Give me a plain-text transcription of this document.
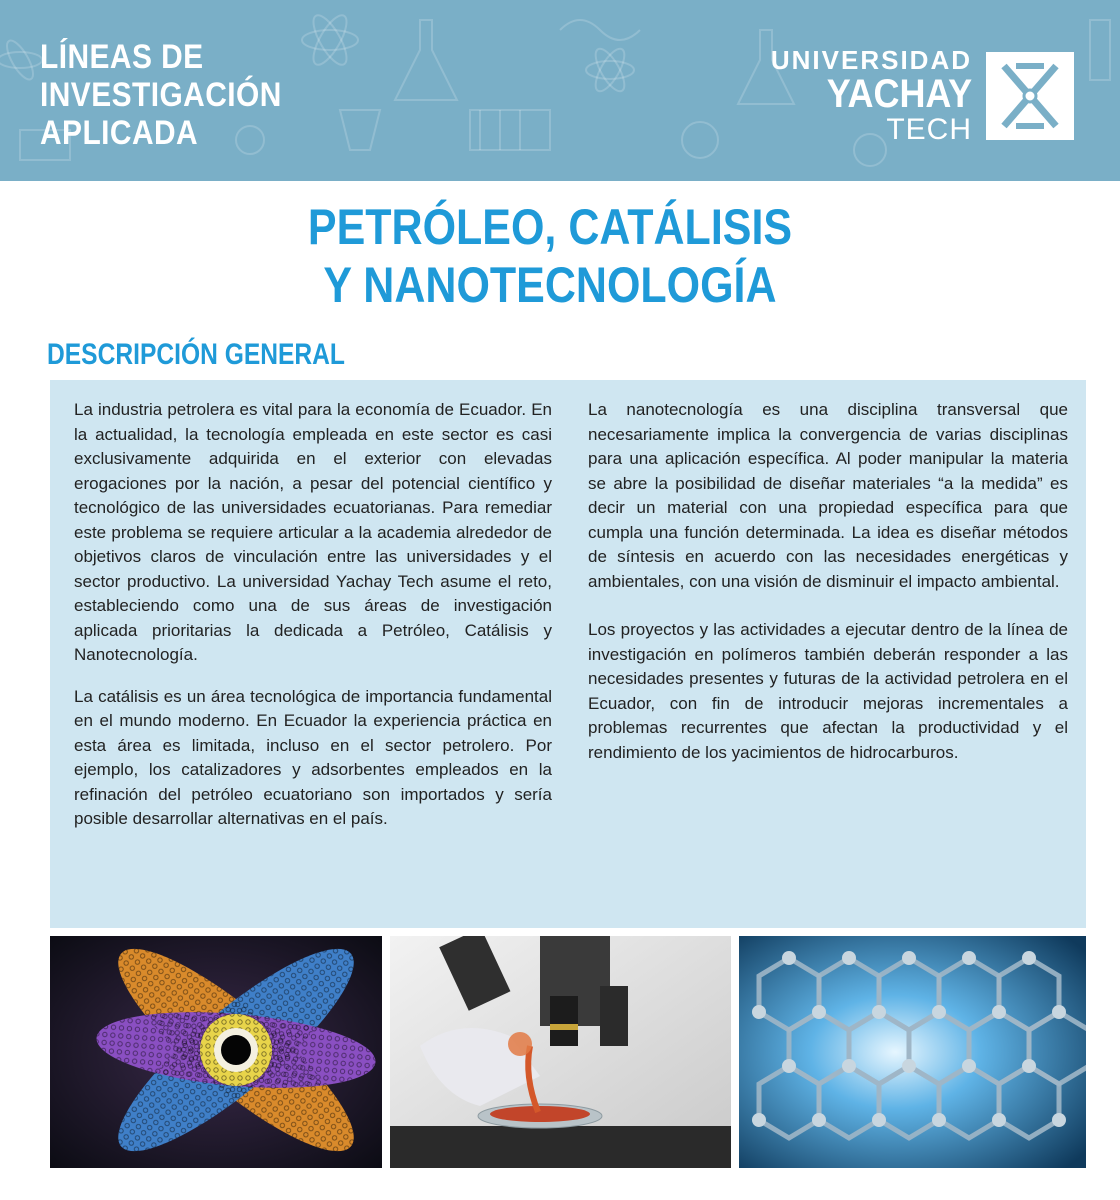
LÍNEAS DE
INVESTIGACIÓN
APLICADA
UNIVERSIDAD
YACHAY
TECH
PETRÓLEO, CATÁLISIS
Y NANOTECNOLOGÍA
DESCRIPCIÓN GENERAL

La industria petrolera es vital para la economía de Ecuador. En la actualidad, la tecnología empleada en este sector es casi exclusivamente adquirida en el exterior con elevadas erogaciones por la nación, a pesar del potencial científico y tecnológico de las universidades ecuatorianas. Para remediar este problema se requiere articular a la academia alrededor de objetivos claros de vinculación entre las universidades y el sector productivo. La universidad Yachay Tech asume el reto, estableciendo como una de sus áreas de investigación aplicada prioritarias la dedicada a Petróleo, Catálisis y Nanotecnología.

La catálisis es un área tecnológica de importancia fundamental en el mundo moderno. En Ecuador la experiencia práctica en esta área es limitada, incluso en el sector petrolero. Por ejemplo, los catalizadores y adsorbentes empleados en la refinación del petróleo ecuatoriano son importados y sería posible desarrollar alternativas en el país.

La nanotecnología es una disciplina transversal que necesariamente implica la convergencia de varias disciplinas para una aplicación específica. Al poder manipular la materia se abre la posibilidad de diseñar materiales “a la medida” es decir un material con una propiedad específica para que cumpla una función determinada. La idea es diseñar métodos de síntesis en acuerdo con las necesidades energéticas y ambientales, con una visión de disminuir el impacto ambiental.

Los proyectos y las actividades a ejecutar dentro de la línea de investigación en polímeros también deberán responder a las necesidades presentes y futuras de la actividad petrolera en el Ecuador, con fin de introducir mejoras incrementales a problemas recurrentes que afectan la productividad y el rendimiento de los yacimientos de hidrocarburos.
